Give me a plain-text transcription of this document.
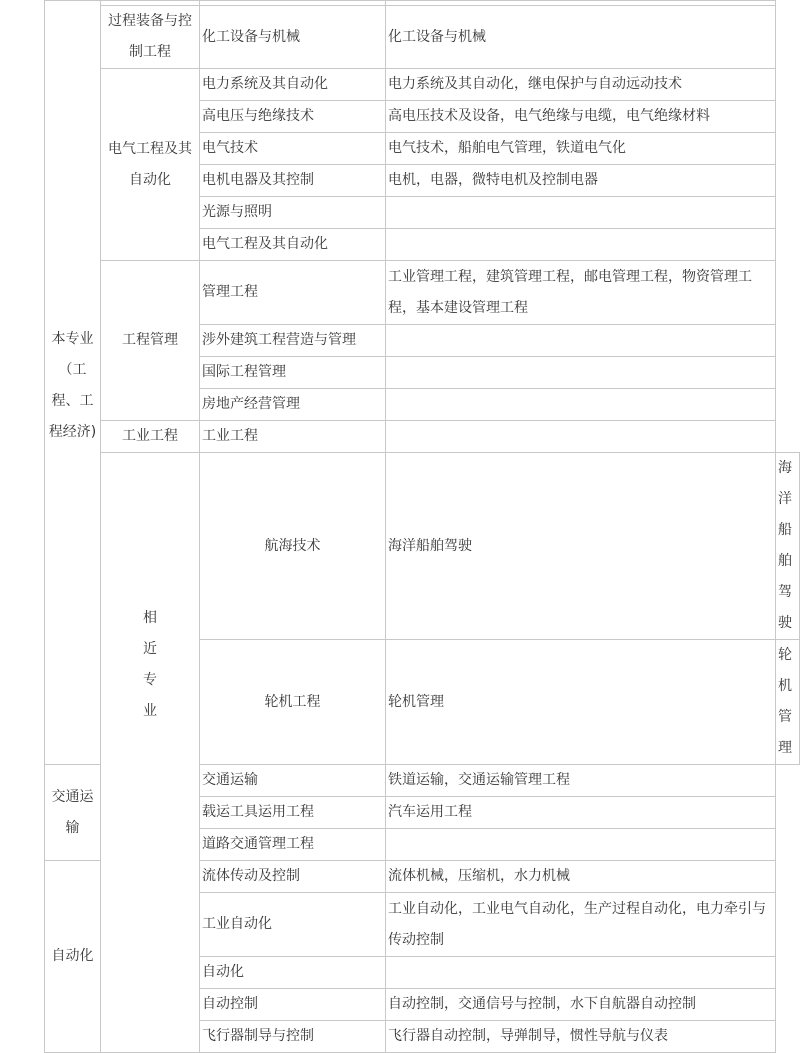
本专业（工程、工程经济)				

	过程装备与控制工程	化工设备与机械	化工设备与机械	
	电气工程及其自动化	电力系统及其自动化	电力系统及其自动化，继电保护与自动远动技术	
		高电压与绝缘技术	高电压技术及设备，电气绝缘与电缆，电气绝缘材料	
		电气技术	电气技术，船舶电气管理，铁道电气化	
		电机电器及其控制	电机，电器，微特电机及控制电器	
		光源与照明		
		电气工程及其自动化		
	工程管理	管理工程	工业管理工程，建筑管理工程，邮电管理工程，物资管理工程，基本建设管理工程	
		涉外建筑工程营造与管理		
		国际工程管理		
		房地产经营管理		
	工业工程	工业工程		

	相近专业	航海技术	海洋船舶驾驶	海洋船舶驾驶
		轮机工程	轮机管理	轮机管理
交通运输		交通运输	铁道运输，交通运输管理工程	
		载运工具运用工程	汽车运用工程	
		道路交通管理工程		
自动化		流体传动及控制	流体机械，压缩机，水力机械	
		工业自动化	工业自动化，工业电气自动化，生产过程自动化，电力牵引与传动控制	
		自动化		
		自动控制	自动控制，交通信号与控制，水下自航器自动控制	
		飞行器制导与控制	飞行器自动控制，导弹制导，惯性导航与仪表	
